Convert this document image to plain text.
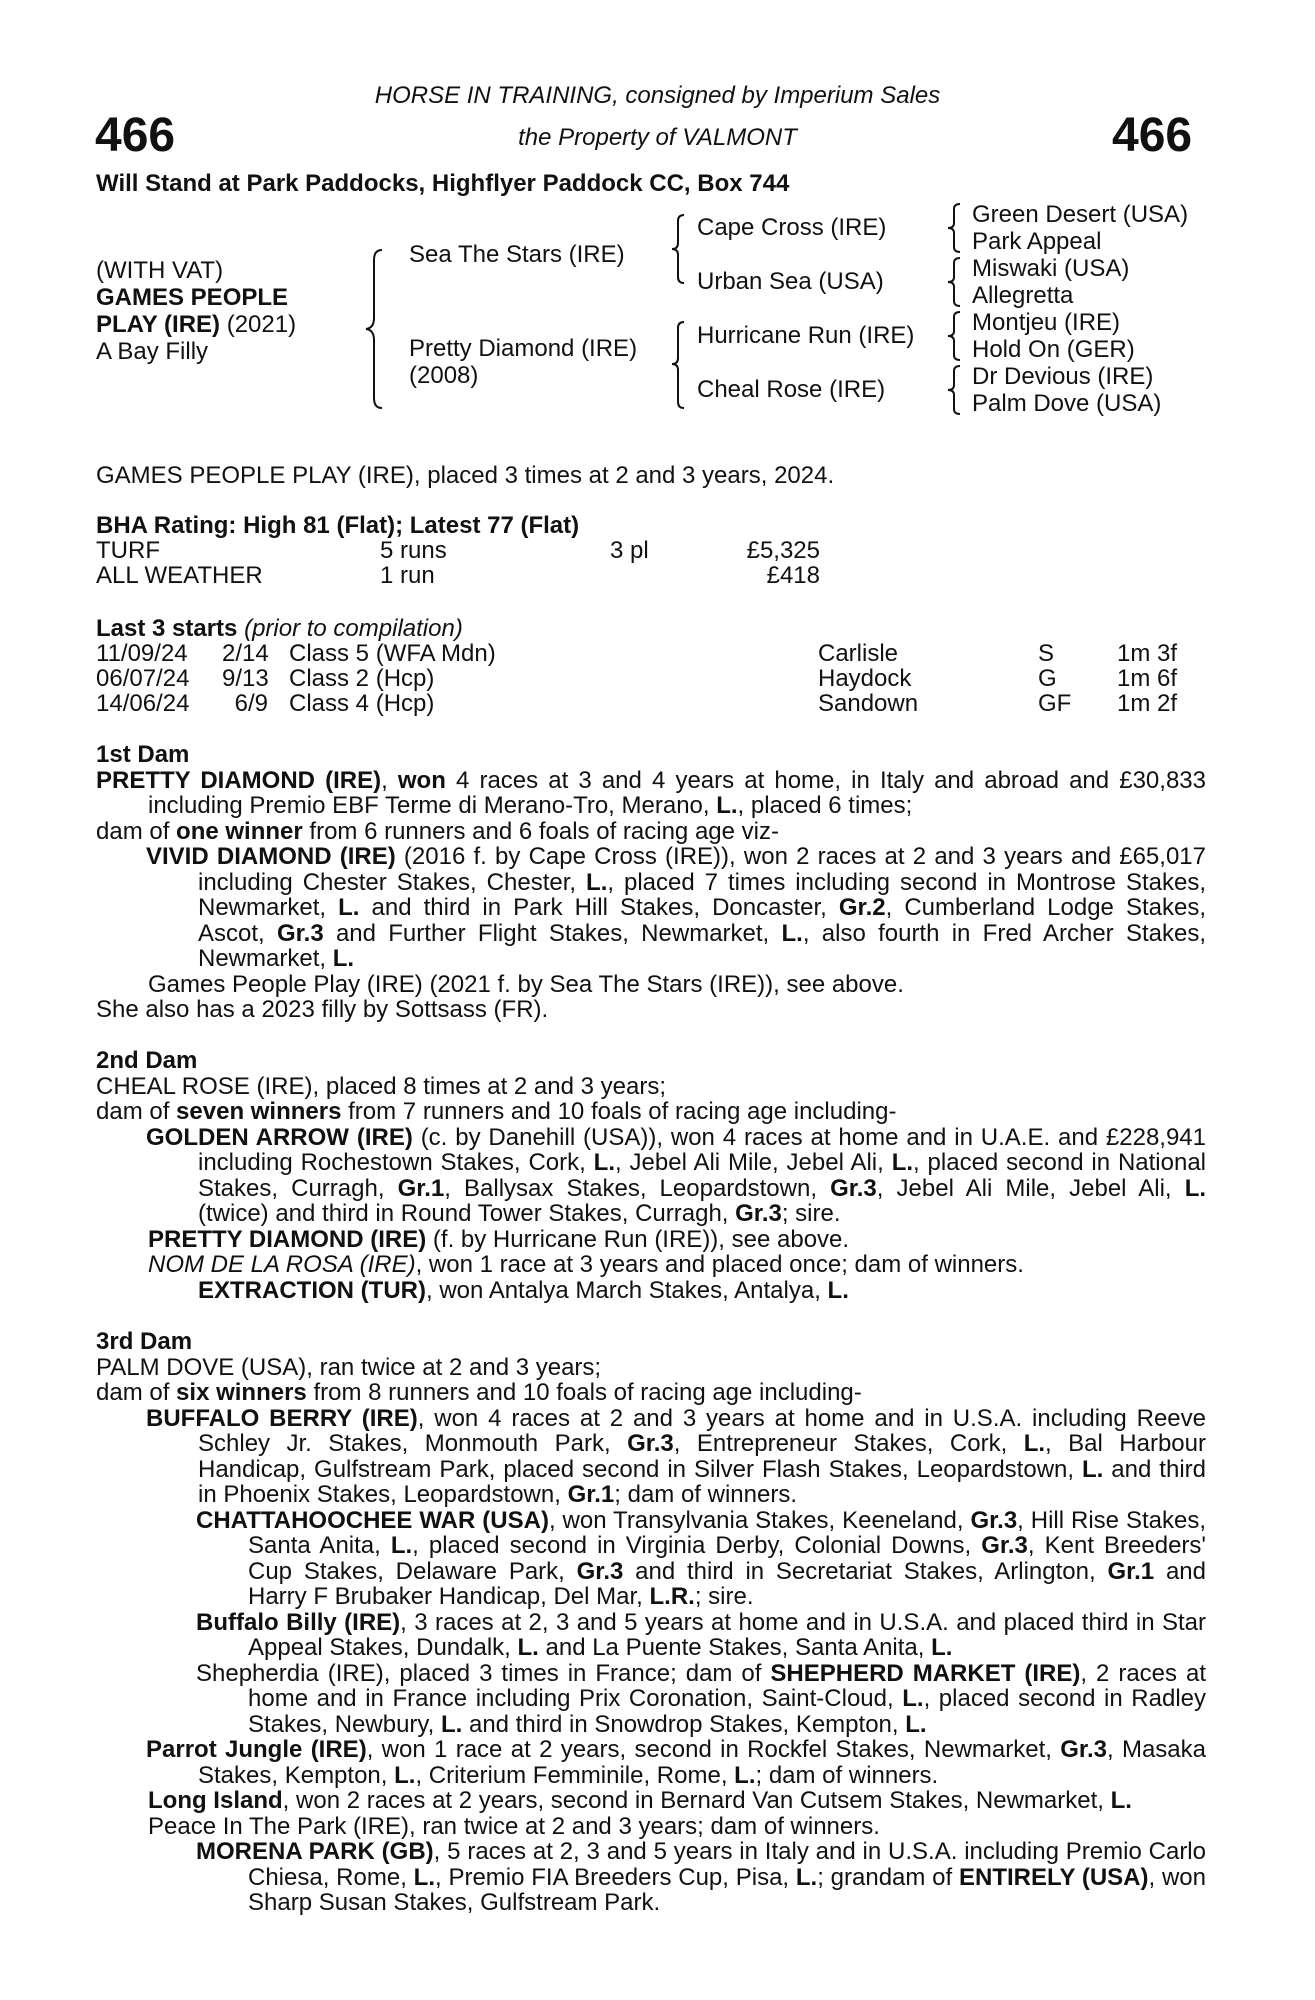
466	466
HORSE IN TRAINING, consigned by Imperium Sales
the Property of VALMONT
Will Stand at Park Paddocks, Highflyer Paddock CC, Box 744
(WITH VAT)
GAMES PEOPLE
PLAY (IRE) (2021)
A Bay Filly
Sea The Stars (IRE)
Pretty Diamond (IRE)
(2008)
Cape Cross (IRE)
Urban Sea (USA)
Hurricane Run (IRE)
Cheal Rose (IRE)
Green Desert (USA)
Park Appeal
Miswaki (USA)
Allegretta
Montjeu (IRE)
Hold On (GER)
Dr Devious (IRE)
Palm Dove (USA)
GAMES PEOPLE PLAY (IRE), placed 3 times at 2 and 3 years, 2024.
BHA Rating: High 81 (Flat); Latest 77 (Flat)
TURF	5 runs	3 pl	£5,325
ALL WEATHER	1 run	£418
Last 3 starts (prior to compilation)
11/09/24 2/14 Class 5 (WFA Mdn)	Carlisle	S	1m 3f
06/07/24 9/13 Class 2 (Hcp)	Haydock	G	1m 6f
14/06/24	6/9 Class 4 (Hcp)	Sandown	GF 1m 2f

1st Dam

PRETTY DIAMOND (IRE), won 4 races at 3 and 4 years at home, in Italy and abroad and £30,833 including Premio EBF Terme di Merano-Tro, Merano, L., placed 6 times;

dam of one winner from 6 runners and 6 foals of racing age viz-

VIVID DIAMOND (IRE) (2016 f. by Cape Cross (IRE)), won 2 races at 2 and 3 years and £65,017 including Chester Stakes, Chester, L., placed 7 times including second in Montrose Stakes, Newmarket, L. and third in Park Hill Stakes, Doncaster, Gr.2, Cumberland Lodge Stakes, Ascot, Gr.3 and Further Flight Stakes, Newmarket, L., also fourth in Fred Archer Stakes, Newmarket, L.

Games People Play (IRE) (2021 f. by Sea The Stars (IRE)), see above.

She also has a 2023 filly by Sottsass (FR).

2nd Dam

CHEAL ROSE (IRE), placed 8 times at 2 and 3 years;

dam of seven winners from 7 runners and 10 foals of racing age including-

GOLDEN ARROW (IRE) (c. by Danehill (USA)), won 4 races at home and in U.A.E. and £228,941 including Rochestown Stakes, Cork, L., Jebel Ali Mile, Jebel Ali, L., placed second in National Stakes, Curragh, Gr.1, Ballysax Stakes, Leopardstown, Gr.3, Jebel Ali Mile, Jebel Ali, L. (twice) and third in Round Tower Stakes, Curragh, Gr.3; sire.

PRETTY DIAMOND (IRE) (f. by Hurricane Run (IRE)), see above.

NOM DE LA ROSA (IRE), won 1 race at 3 years and placed once; dam of winners.

EXTRACTION (TUR), won Antalya March Stakes, Antalya, L.

3rd Dam

PALM DOVE (USA), ran twice at 2 and 3 years;

dam of six winners from 8 runners and 10 foals of racing age including-

BUFFALO BERRY (IRE), won 4 races at 2 and 3 years at home and in U.S.A. including Reeve Schley Jr. Stakes, Monmouth Park, Gr.3, Entrepreneur Stakes, Cork, L., Bal Harbour Handicap, Gulfstream Park, placed second in Silver Flash Stakes, Leopardstown, L. and third in Phoenix Stakes, Leopardstown, Gr.1; dam of winners.

CHATTAHOOCHEE WAR (USA), won Transylvania Stakes, Keeneland, Gr.3, Hill Rise Stakes, Santa Anita, L., placed second in Virginia Derby, Colonial Downs, Gr.3, Kent Breeders' Cup Stakes, Delaware Park, Gr.3 and third in Secretariat Stakes, Arlington, Gr.1 and Harry F Brubaker Handicap, Del Mar, L.R.; sire.

Buffalo Billy (IRE), 3 races at 2, 3 and 5 years at home and in U.S.A. and placed third in Star Appeal Stakes, Dundalk, L. and La Puente Stakes, Santa Anita, L.

Shepherdia (IRE), placed 3 times in France; dam of SHEPHERD MARKET (IRE), 2 races at home and in France including Prix Coronation, Saint-Cloud, L., placed second in Radley Stakes, Newbury, L. and third in Snowdrop Stakes, Kempton, L.

Parrot Jungle (IRE), won 1 race at 2 years, second in Rockfel Stakes, Newmarket, Gr.3, Masaka Stakes, Kempton, L., Criterium Femminile, Rome, L.; dam of winners.

Long Island, won 2 races at 2 years, second in Bernard Van Cutsem Stakes, Newmarket, L.

Peace In The Park (IRE), ran twice at 2 and 3 years; dam of winners.

MORENA PARK (GB), 5 races at 2, 3 and 5 years in Italy and in U.S.A. including Premio Carlo Chiesa, Rome, L., Premio FIA Breeders Cup, Pisa, L.; grandam of ENTIRELY (USA), won Sharp Susan Stakes, Gulfstream Park.
